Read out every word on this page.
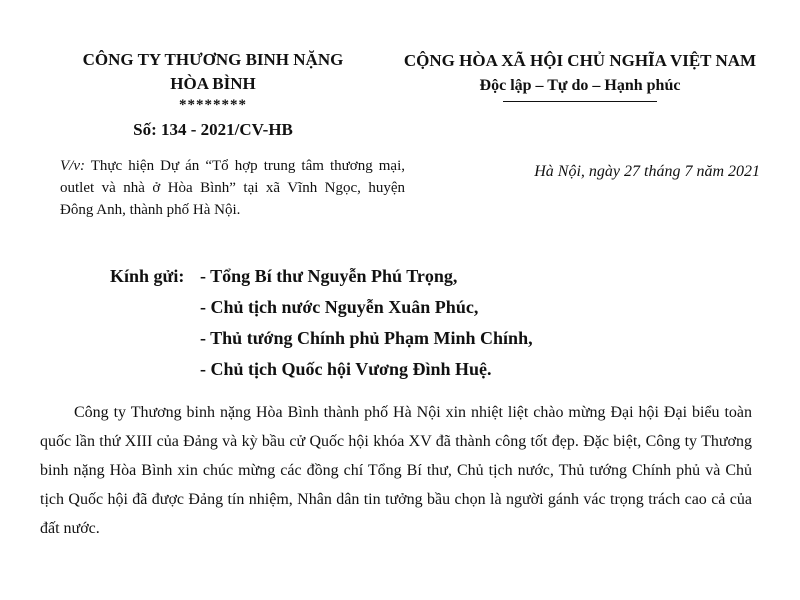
CÔNG TY THƯƠNG BINH NẶNG
HÒA BÌNH
********
Số: 134 - 2021/CV-HB
CỘNG HÒA XÃ HỘI CHỦ NGHĨA VIỆT NAM
Độc lập – Tự do – Hạnh phúc
V/v: Thực hiện Dự án “Tổ hợp trung tâm thương mại, outlet và nhà ở Hòa Bình” tại xã Vĩnh Ngọc, huyện Đông Anh, thành phố Hà Nội.
Hà Nội, ngày 27 tháng 7 năm 2021
Kính gửi: - Tổng Bí thư Nguyễn Phú Trọng,
- Chủ tịch nước Nguyễn Xuân Phúc,
- Thủ tướng Chính phủ Phạm Minh Chính,
- Chủ tịch Quốc hội Vương Đình Huệ.
Công ty Thương binh nặng Hòa Bình thành phố Hà Nội xin nhiệt liệt chào mừng Đại hội Đại biểu toàn quốc lần thứ XIII của Đảng và kỳ bầu cử Quốc hội khóa XV đã thành công tốt đẹp. Đặc biệt, Công ty Thương binh nặng Hòa Bình xin chúc mừng các đồng chí Tổng Bí thư, Chủ tịch nước, Thủ tướng Chính phủ và Chủ tịch Quốc hội đã được Đảng tín nhiệm, Nhân dân tin tưởng bầu chọn là người gánh vác trọng trách cao cả của đất nước.
